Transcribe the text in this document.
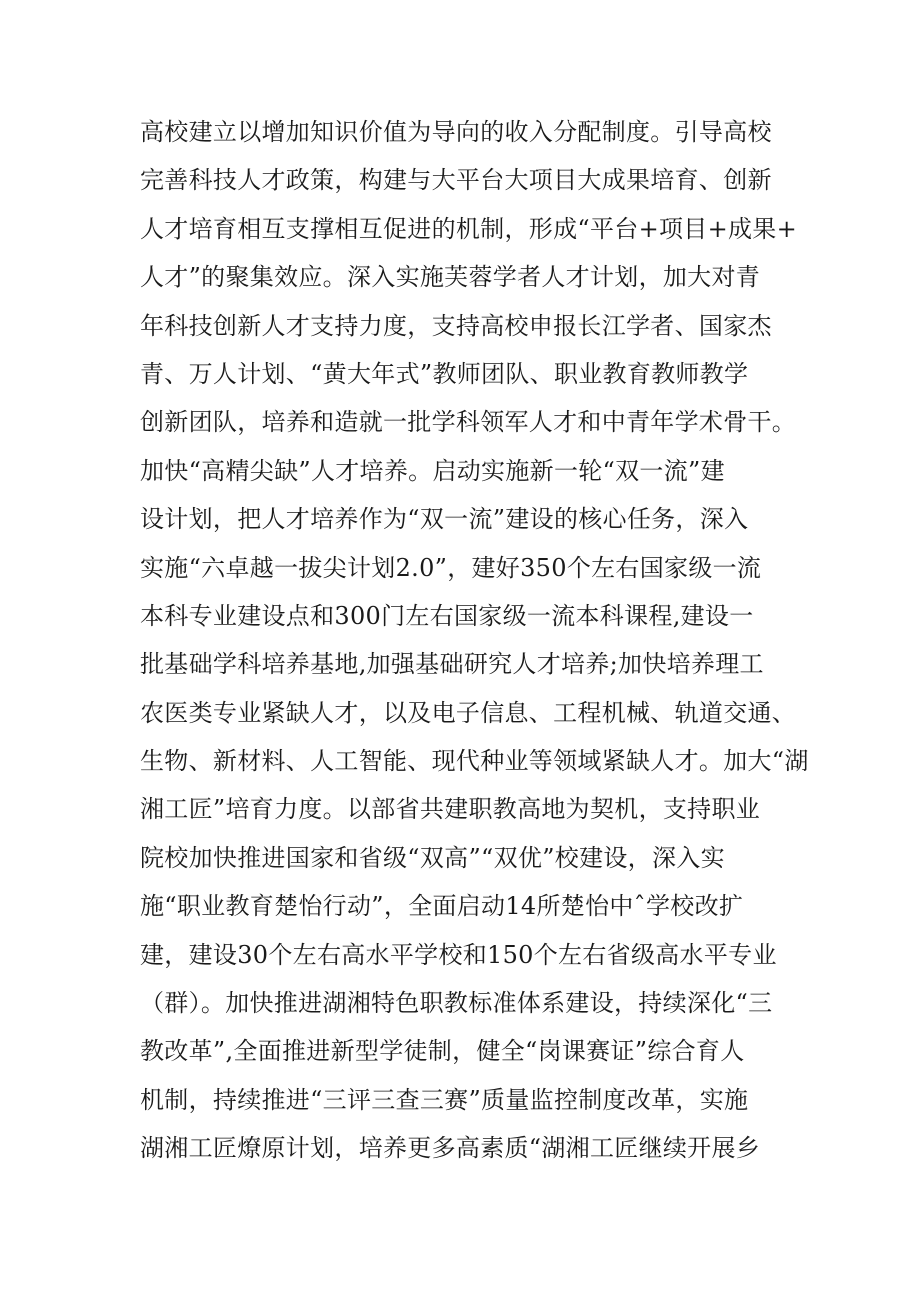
高校建立以增加知识价值为导向的收入分配制度。引导高校
完善科技人才政策，构建与大平台大项目大成果培育、创新
人才培育相互支撑相互促进的机制，形成“平台+项目+成果+
人才”的聚集效应。深入实施芙蓉学者人才计划，加大对青
年科技创新人才支持力度，支持高校申报长江学者、国家杰
青、万人计划、“黄大年式”教师团队、职业教育教师教学
创新团队，培养和造就一批学科领军人才和中青年学术骨干。
加快“高精尖缺”人才培养。启动实施新一轮“双一流”建
设计划，把人才培养作为“双一流”建设的核心任务，深入
实施“六卓越一拔尖计划2.0”，建好350个左右国家级一流
本科专业建设点和300门左右国家级一流本科课程,建设一
批基础学科培养基地,加强基础研究人才培养;加快培养理工
农医类专业紧缺人才，以及电子信息、工程机械、轨道交通、
生物、新材料、人工智能、现代种业等领域紧缺人才。加大“湖
湘工匠”培育力度。以部省共建职教高地为契机，支持职业
院校加快推进国家和省级“双高”“双优”校建设，深入实
施“职业教育楚怡行动”，全面启动14所楚怡中ˆ学校改扩
建，建设30个左右高水平学校和150个左右省级高水平专业
（群）。加快推进湖湘特色职教标准体系建设，持续深化“三
教改革”,全面推进新型学徒制，健全“岗课赛证”综合育人
机制，持续推进“三评三查三赛”质量监控制度改革，实施
湖湘工匠燎原计划，培养更多高素质“湖湘工匠继续开展乡
